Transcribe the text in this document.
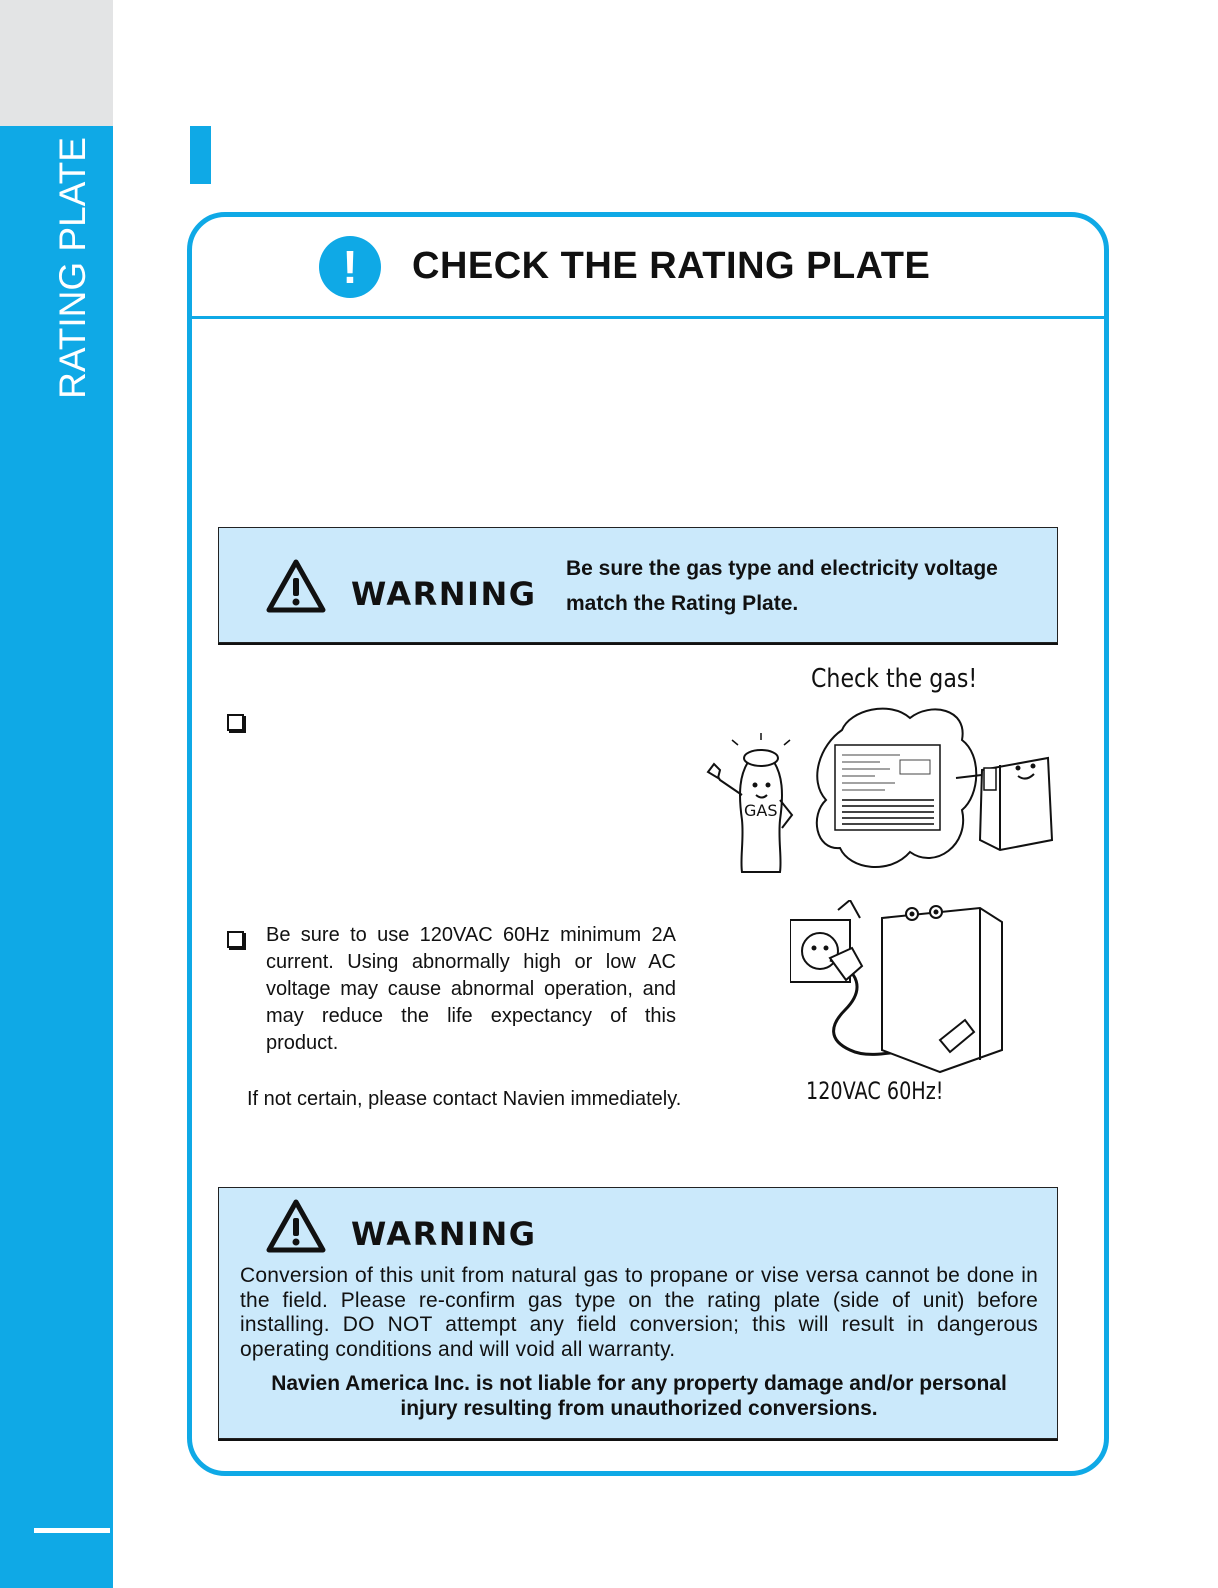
RATING PLATE	!	CHECK THE RATING PLATE
WARNING
Be sure the gas type and electricity voltage match the Rating Plate.
Check the gas!
GAS
Be sure to use 120VAC 60Hz minimum 2A current. Using abnormally high or low AC voltage may cause abnormal operation, and may reduce the life expectancy of this product.
If not certain, please contact Navien immediately.	120VAC 60Hz!
WARNING
Conversion of this unit from natural gas to propane or vise versa cannot be done in the field. Please re-confirm gas type on the rating plate (side of unit) before installing. DO NOT attempt any field conversion; this will result in dangerous operating conditions and will void all warranty.
Navien America Inc. is not liable for any property damage and/or personal injury resulting from unauthorized conversions.
